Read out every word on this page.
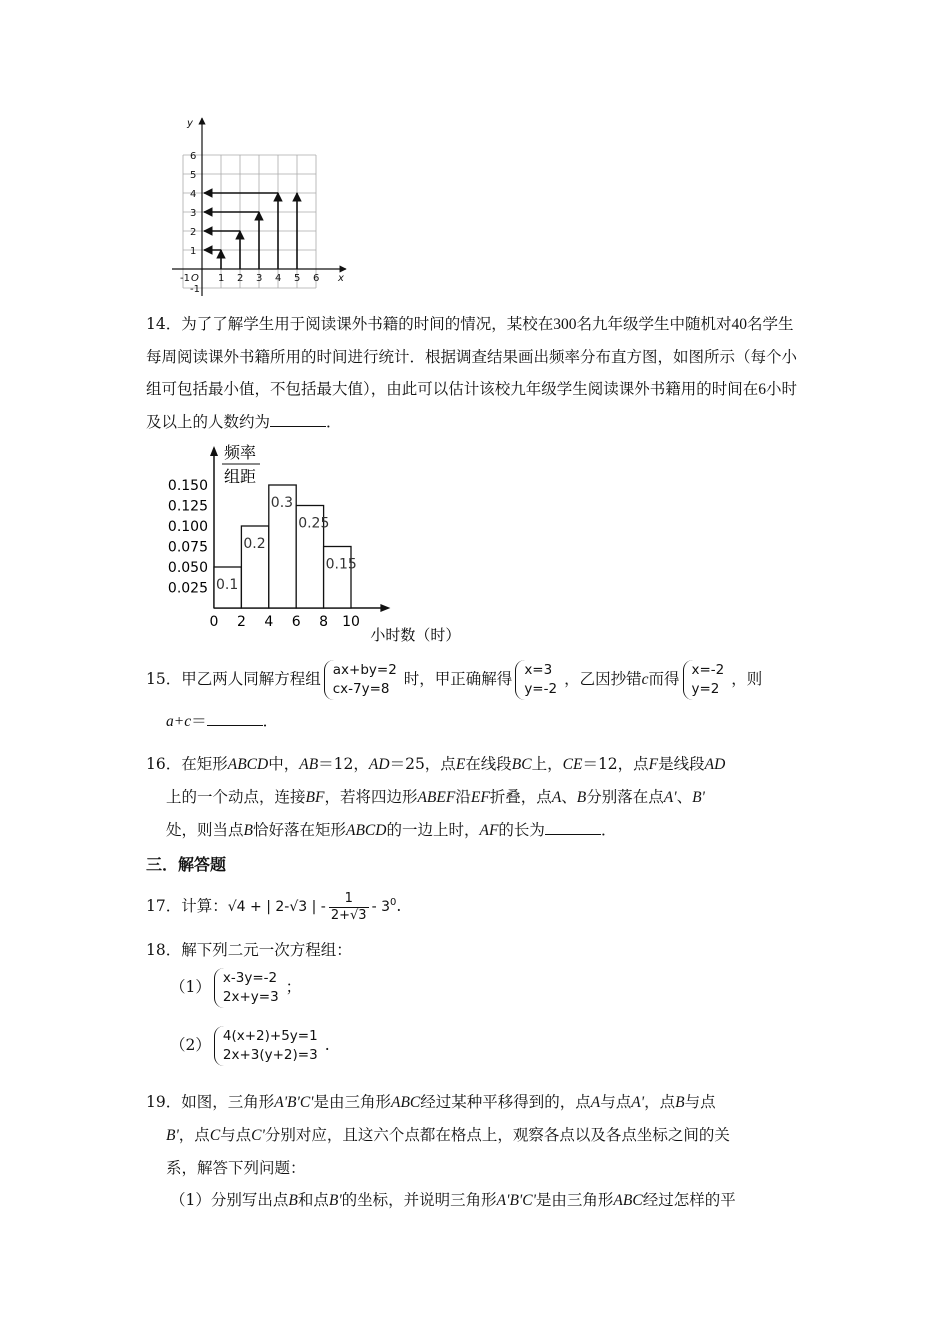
-1	1 2 3 4 5 6
6
5
4
3
2
1
-1
y
x
O
14．为了了解学生用于阅读课外书籍的时间的情况，某校在300名九年级学生中随机对40名学生每周阅读课外书籍所用的时间进行统计．根据调查结果画出频率分布直方图，如图所示（每个小组可包括最小值，不包括最大值），由此可以估计该校九年级学生阅读课外书籍用的时间在6小时及以上的人数约为	．
0.1
0.2
0.3
0.25
0.15
0.150
0.125
0.100
0.075
0.050
0.025
0 2 4 6 8 10
频率
组距
小时数（时）
15．甲乙两人同解方程组 ax+by=2
cx-7y=8
时，甲正确解得 x=3
y=-2
，乙因抄错c而得 x=-2
y=2
，则
a+c＝	．
16．在矩形ABCD中，AB＝12，AD＝25，点E在线段BC上，CE＝12，点F是线段AD
上的一个动点，连接BF，若将四边形ABEF沿EF折叠，点A、B分别落在点A'、B'
处，则当点B恰好落在矩形ABCD的一边上时，AF的长为	．
三．解答题
17．计算：√4 + | 2-√3 | - $\frac{1}{2+√3} - 3^0$.
18．解下列二元一次方程组：
（1） x-3y=-2
2x+y=3
；
（2） 4(x+2)+5y=1
2x+3(y+2)=3
.
19．如图，三角形A'B'C'是由三角形ABC经过某种平移得到的，点A与点A'，点B与点
B'，点C与点C'分别对应，且这六个点都在格点上，观察各点以及各点坐标之间的关
系，解答下列问题：
（1）分别写出点B和点B'的坐标，并说明三角形A'B'C'是由三角形ABC经过怎样的平
